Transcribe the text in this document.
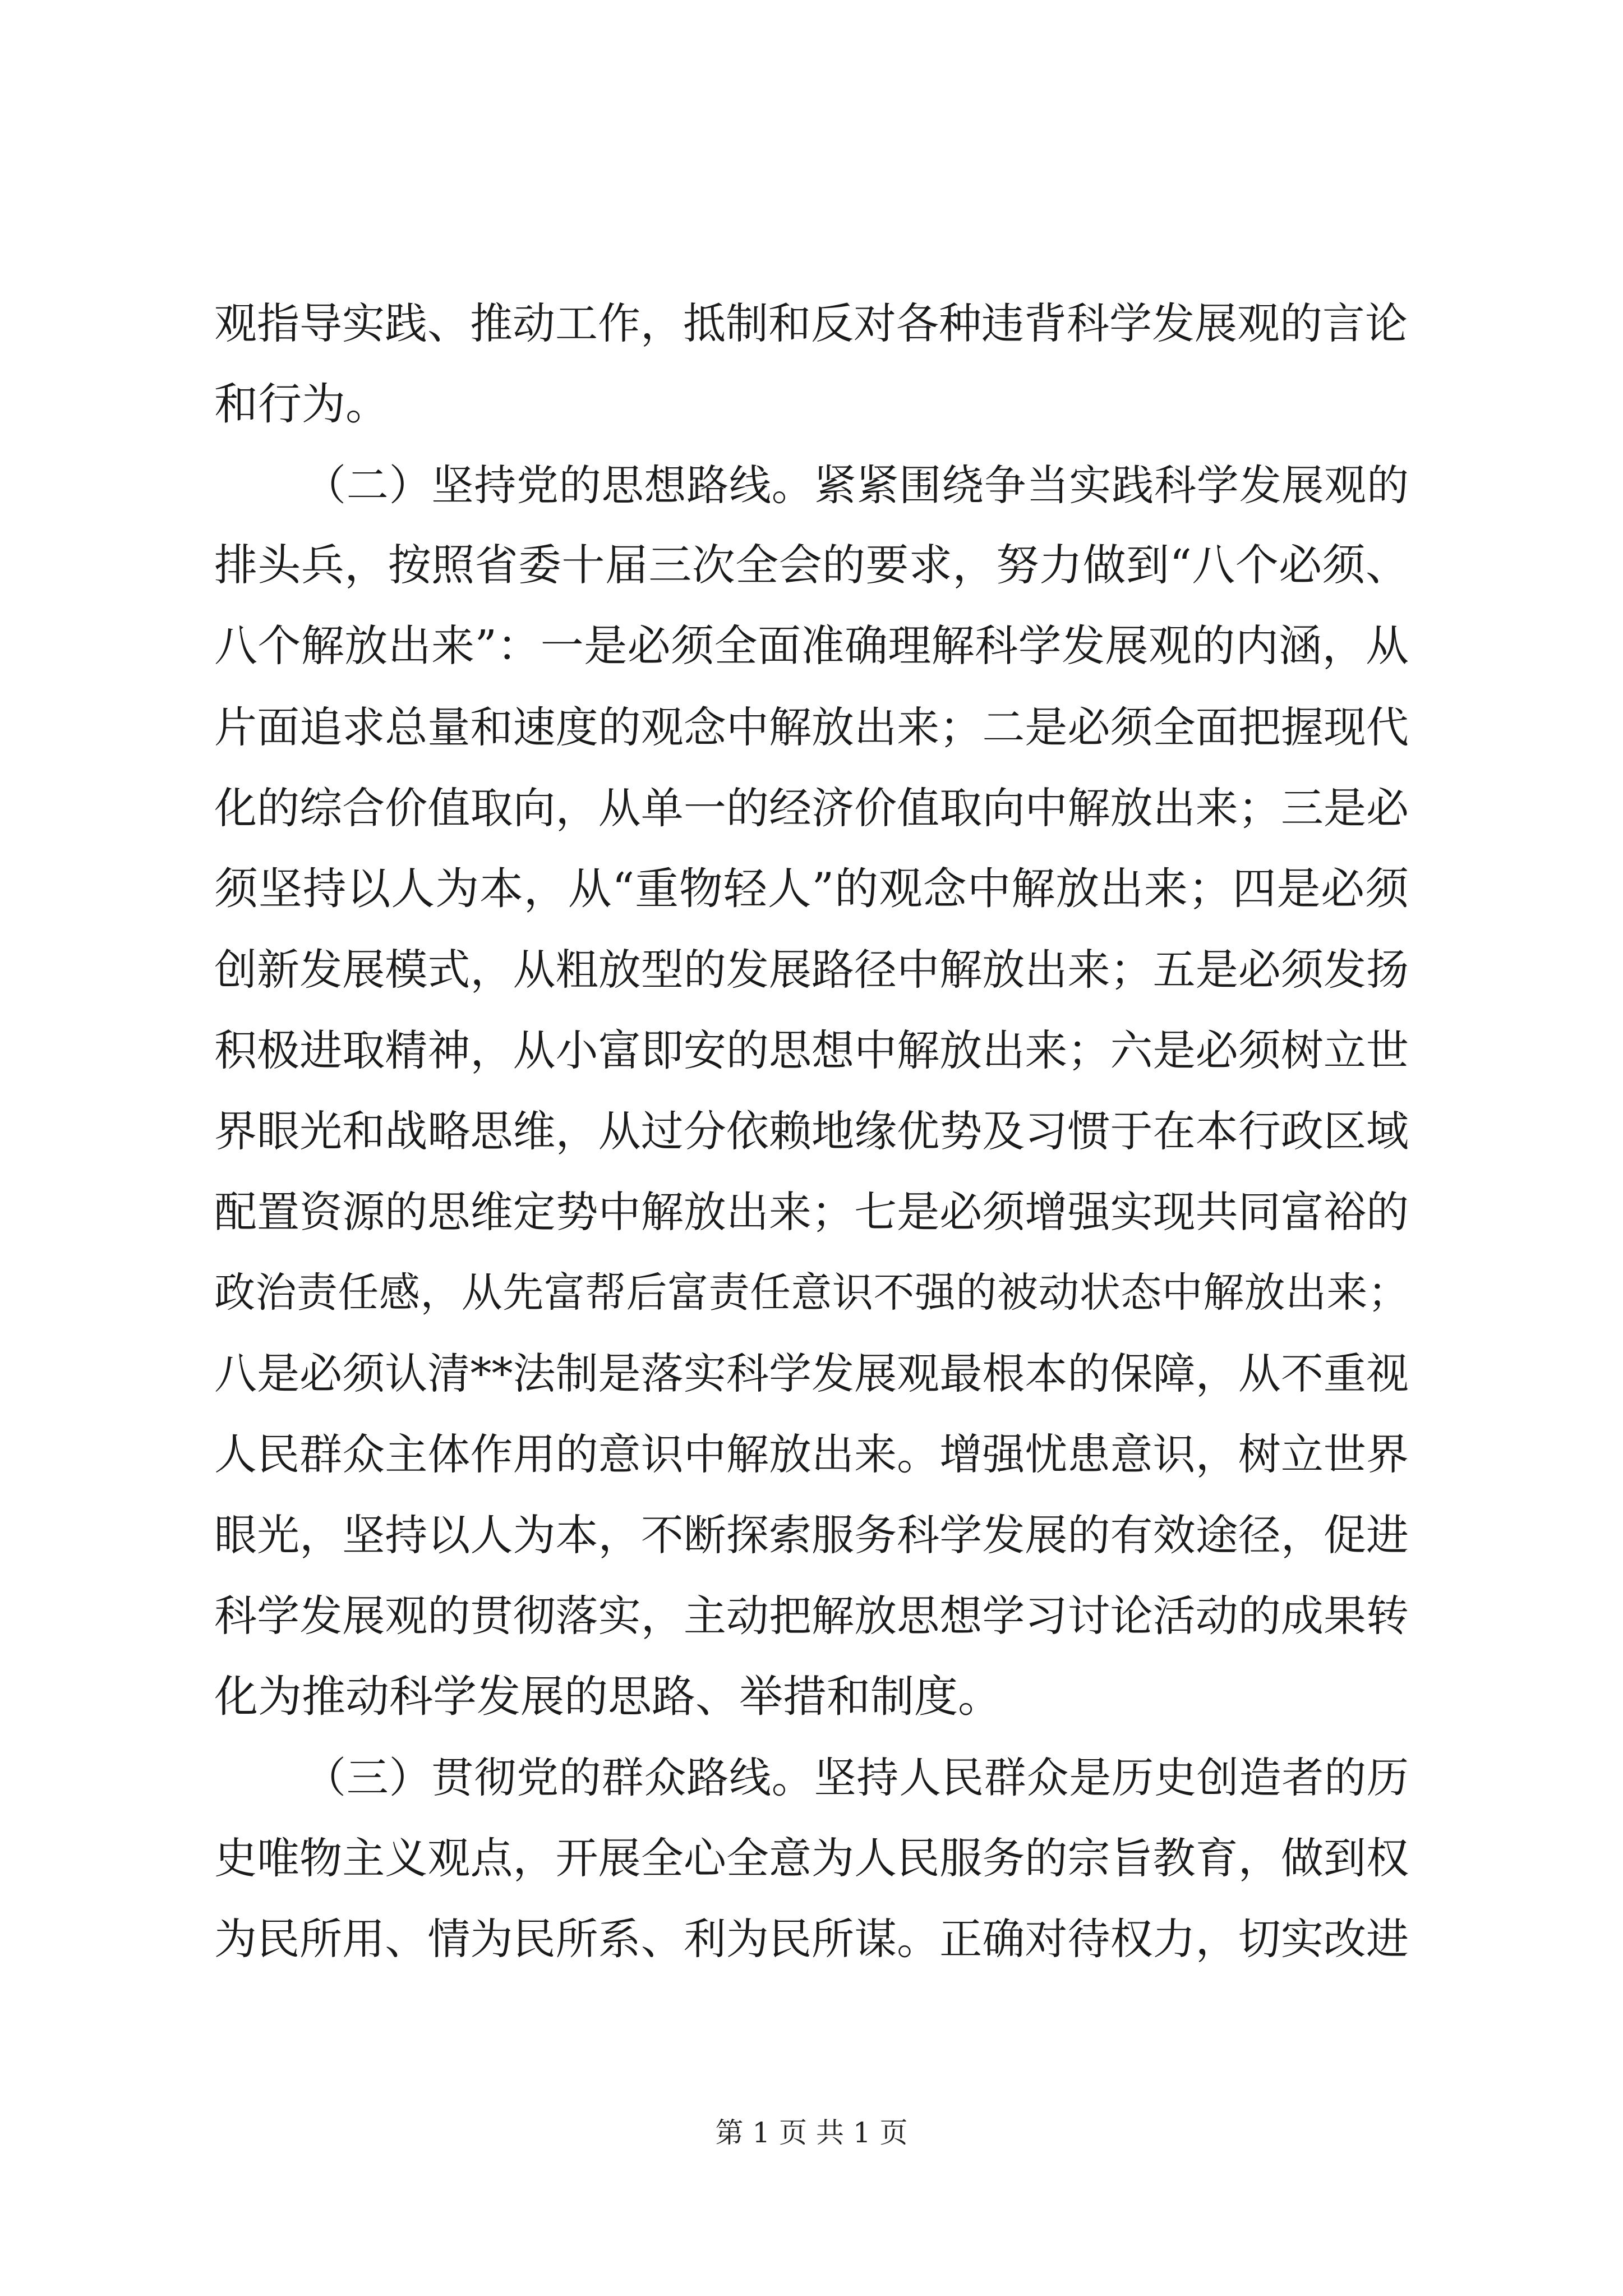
观指导实践、推动工作，抵制和反对各种违背科学发展观的言论
和行为。
（二）坚持党的思想路线。紧紧围绕争当实践科学发展观的
排头兵，按照省委十届三次全会的要求，努力做到“八个必须、
八个解放出来”：一是必须全面准确理解科学发展观的内涵，从
片面追求总量和速度的观念中解放出来；二是必须全面把握现代
化的综合价值取向，从单一的经济价值取向中解放出来；三是必
须坚持以人为本，从“重物轻人”的观念中解放出来；四是必须
创新发展模式，从粗放型的发展路径中解放出来；五是必须发扬
积极进取精神，从小富即安的思想中解放出来；六是必须树立世
界眼光和战略思维，从过分依赖地缘优势及习惯于在本行政区域
配置资源的思维定势中解放出来；七是必须增强实现共同富裕的
政治责任感，从先富帮后富责任意识不强的被动状态中解放出来；
八是必须认清**法制是落实科学发展观最根本的保障，从不重视
人民群众主体作用的意识中解放出来。增强忧患意识，树立世界
眼光，坚持以人为本，不断探索服务科学发展的有效途径，促进
科学发展观的贯彻落实，主动把解放思想学习讨论活动的成果转
化为推动科学发展的思路、举措和制度。
（三）贯彻党的群众路线。坚持人民群众是历史创造者的历
史唯物主义观点，开展全心全意为人民服务的宗旨教育，做到权
为民所用、情为民所系、利为民所谋。正确对待权力，切实改进
第 1 页 共 1 页
